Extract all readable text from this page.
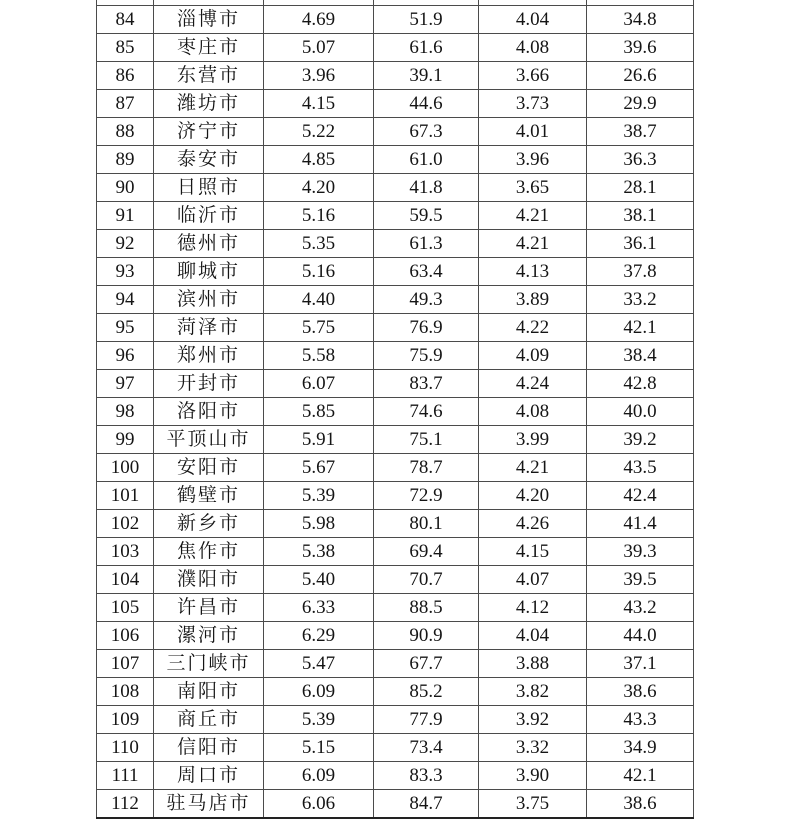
84	淄博市	4.69	51.9	4.04	34.8
85	枣庄市	5.07	61.6	4.08	39.6
86	东营市	3.96	39.1	3.66	26.6
87	潍坊市	4.15	44.6	3.73	29.9
88	济宁市	5.22	67.3	4.01	38.7
89	泰安市	4.85	61.0	3.96	36.3
90	日照市	4.20	41.8	3.65	28.1
91	临沂市	5.16	59.5	4.21	38.1
92	德州市	5.35	61.3	4.21	36.1
93	聊城市	5.16	63.4	4.13	37.8
94	滨州市	4.40	49.3	3.89	33.2
95	菏泽市	5.75	76.9	4.22	42.1
96	郑州市	5.58	75.9	4.09	38.4
97	开封市	6.07	83.7	4.24	42.8
98	洛阳市	5.85	74.6	4.08	40.0
99	平顶山市	5.91	75.1	3.99	39.2
100	安阳市	5.67	78.7	4.21	43.5
101	鹤壁市	5.39	72.9	4.20	42.4
102	新乡市	5.98	80.1	4.26	41.4
103	焦作市	5.38	69.4	4.15	39.3
104	濮阳市	5.40	70.7	4.07	39.5
105	许昌市	6.33	88.5	4.12	43.2
106	漯河市	6.29	90.9	4.04	44.0
107	三门峡市	5.47	67.7	3.88	37.1
108	南阳市	6.09	85.2	3.82	38.6
109	商丘市	5.39	77.9	3.92	43.3
110	信阳市	5.15	73.4	3.32	34.9
111	周口市	6.09	83.3	3.90	42.1
112	驻马店市	6.06	84.7	3.75	38.6
